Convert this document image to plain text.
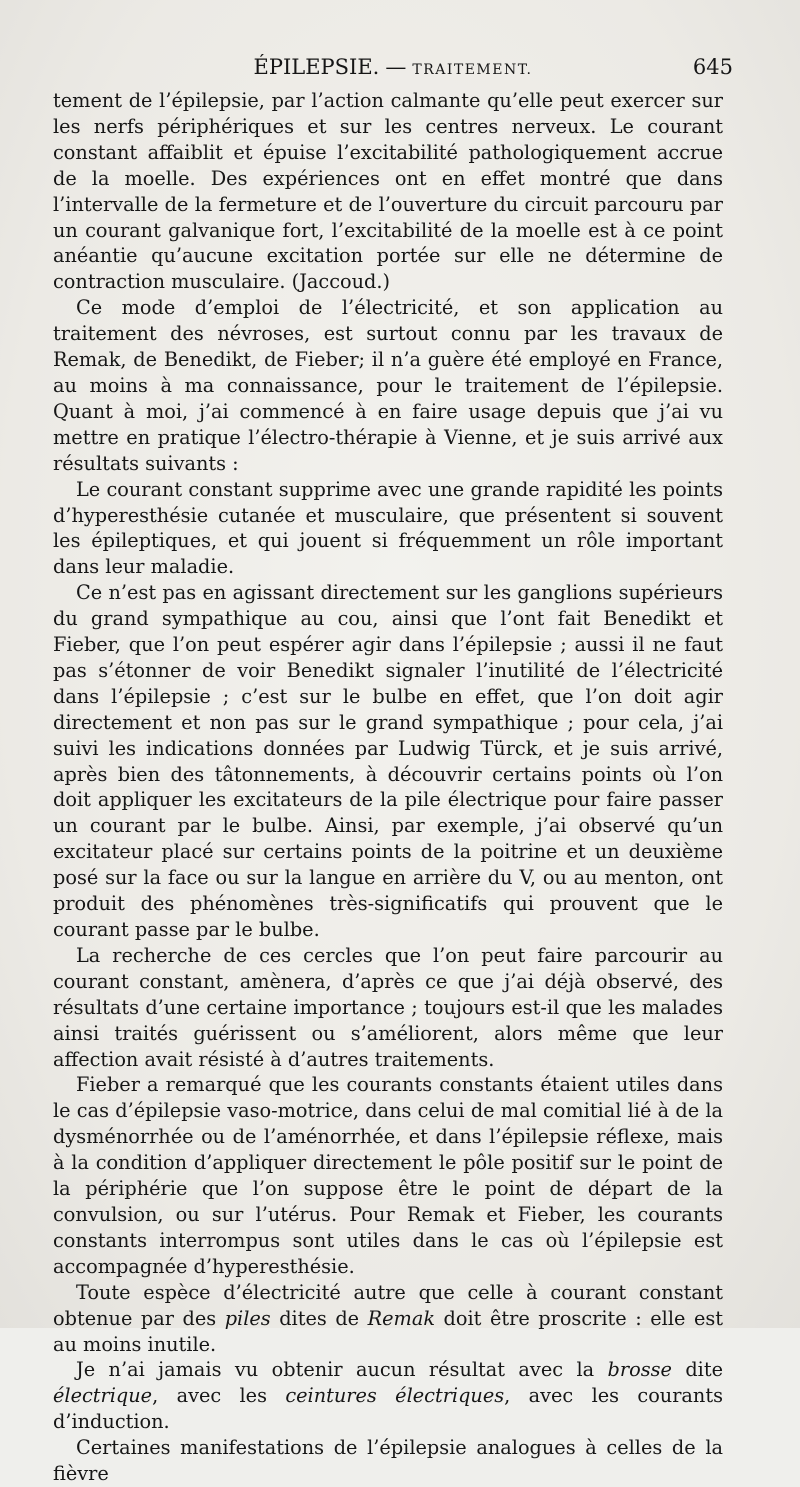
ÉPILEPSIE. — TRAITEMENT.	645

tement de l’épilepsie, par l’action calmante qu’elle peut exercer sur les nerfs périphériques et sur les centres nerveux. Le courant constant affaiblit et épuise l’excitabilité pathologiquement accrue de la moelle. Des expériences ont en effet montré que dans l’intervalle de la fermeture et de l’ouverture du circuit parcouru par un courant galvanique fort, l’excitabilité de la moelle est à ce point anéantie qu’aucune excitation portée sur elle ne détermine de contraction musculaire. (Jaccoud.)

Ce mode d’emploi de l’électricité, et son application au traitement des névroses, est surtout connu par les travaux de Remak, de Benedikt, de Fieber; il n’a guère été employé en France, au moins à ma connaissance, pour le traitement de l’épilepsie. Quant à moi, j’ai commencé à en faire usage depuis que j’ai vu mettre en pratique l’électro-thérapie à Vienne, et je suis arrivé aux résultats suivants :

Le courant constant supprime avec une grande rapidité les points d’hyperesthésie cutanée et musculaire, que présentent si souvent les épileptiques, et qui jouent si fréquemment un rôle important dans leur maladie.

Ce n’est pas en agissant directement sur les ganglions supérieurs du grand sympathique au cou, ainsi que l’ont fait Benedikt et Fieber, que l’on peut espérer agir dans l’épilepsie ; aussi il ne faut pas s’étonner de voir Benedikt signaler l’inutilité de l’électricité dans l’épilepsie ; c’est sur le bulbe en effet, que l’on doit agir directement et non pas sur le grand sympathique ; pour cela, j’ai suivi les indications données par Ludwig Türck, et je suis arrivé, après bien des tâtonnements, à découvrir certains points où l’on doit appliquer les excitateurs de la pile électrique pour faire passer un courant par le bulbe. Ainsi, par exemple, j’ai observé qu’un excitateur placé sur certains points de la poitrine et un deuxième posé sur la face ou sur la langue en arrière du V, ou au menton, ont produit des phénomènes très-significatifs qui prouvent que le courant passe par le bulbe.

La recherche de ces cercles que l’on peut faire parcourir au courant constant, amènera, d’après ce que j’ai déjà observé, des résultats d’une certaine importance ; toujours est-il que les malades ainsi traités guérissent ou s’améliorent, alors même que leur affection avait résisté à d’autres traitements.

Fieber a remarqué que les courants constants étaient utiles dans le cas d’épilepsie vaso-motrice, dans celui de mal comitial lié à de la dysménorrhée ou de l’aménorrhée, et dans l’épilepsie réflexe, mais à la condition d’appliquer directement le pôle positif sur le point de la périphérie que l’on suppose être le point de départ de la convulsion, ou sur l’utérus. Pour Remak et Fieber, les courants constants interrompus sont utiles dans le cas où l’épilepsie est accompagnée d’hyperesthésie.

Toute espèce d’électricité autre que celle à courant constant obtenue par des piles dites de Remak doit être proscrite : elle est au moins inutile.

Je n’ai jamais vu obtenir aucun résultat avec la brosse dite électrique, avec les ceintures électriques, avec les courants d’induction.

Certaines manifestations de l’épilepsie analogues à celles de la fièvre
